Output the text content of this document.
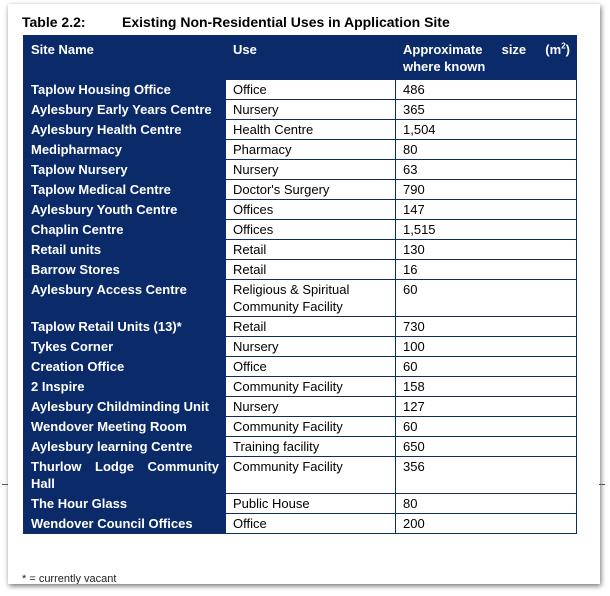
Table 2.2:	Existing Non-Residential Uses in Application Site
Site Name	Use	Approximate size $(m^2)$ where known
Taplow Housing Office	Office	486
Aylesbury Early Years Centre	Nursery	365
Aylesbury Health Centre	Health Centre	1,504
Medipharmacy	Pharmacy	80
Taplow Nursery	Nursery	63
Taplow Medical Centre	Doctor's Surgery	790
Aylesbury Youth Centre	Offices	147
Chaplin Centre	Offices	1,515
Retail units	Retail	130
Barrow Stores	Retail	16
Aylesbury Access Centre	Religious & Spiritual Community Facility	60
Taplow Retail Units (13)*	Retail	730
Tykes Corner	Nursery	100
Creation Office	Office	60
2 Inspire	Community Facility	158
Aylesbury Childminding Unit	Nursery	127
Wendover Meeting Room	Community Facility	60
Aylesbury learning Centre	Training facility	650
Thurlow Lodge Community Hall	Community Facility	356
The Hour Glass	Public House	80
Wendover Council Offices	Office	200
* = currently vacant
